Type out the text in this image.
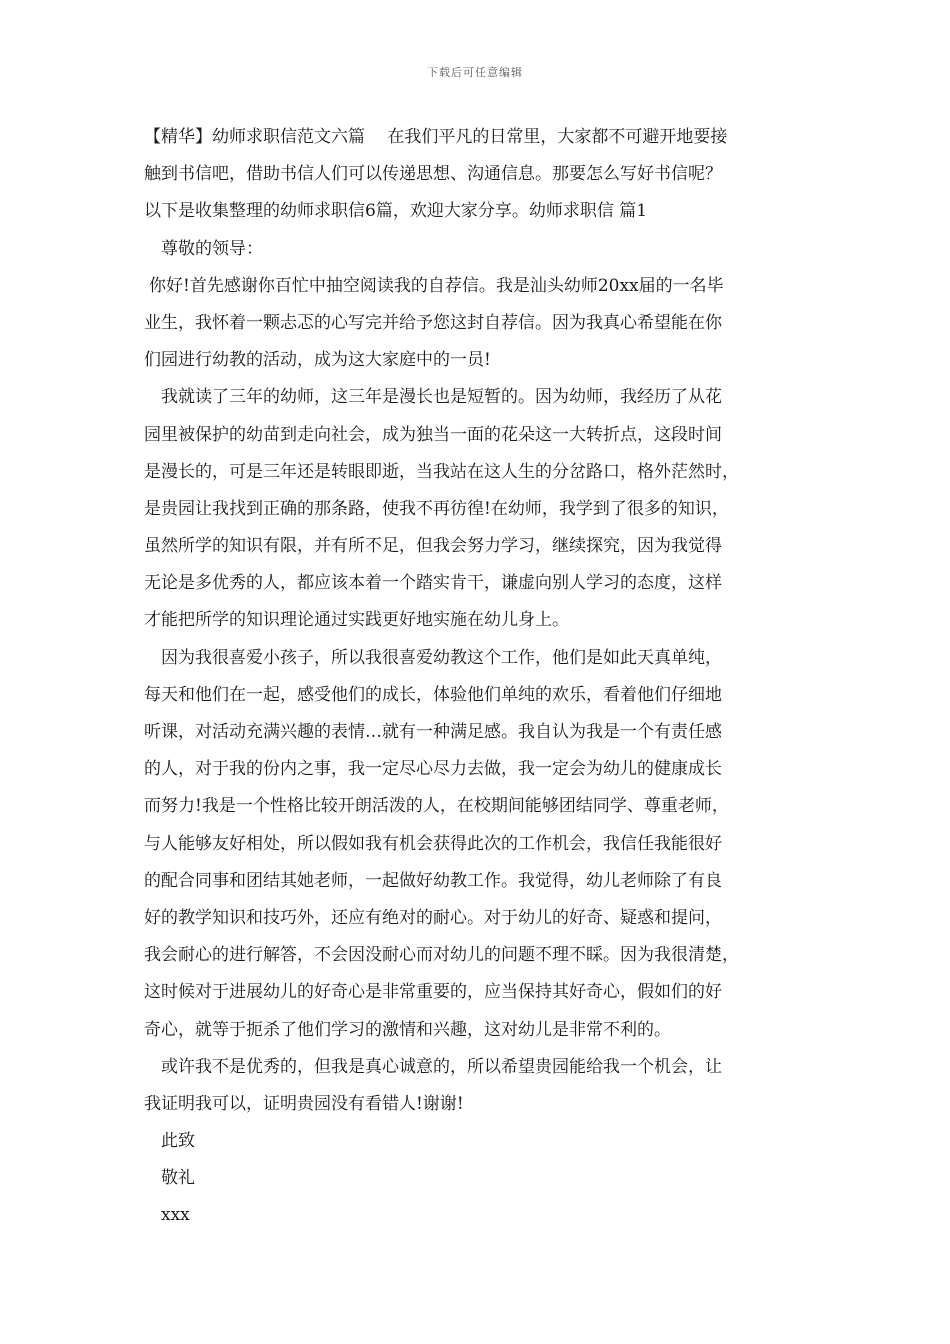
下载后可任意编辑
【精华】幼师求职信范文六篇　 在我们平凡的日常里，大家都不可避开地要接
触到书信吧，借助书信人们可以传递思想、沟通信息。那要怎么写好书信呢？
以下是收集整理的幼师求职信6篇，欢迎大家分享。幼师求职信 篇1
尊敬的领导：
你好!首先感谢你百忙中抽空阅读我的自荐信。我是汕头幼师20xx届的一名毕
业生，我怀着一颗忐忑的心写完并给予您这封自荐信。因为我真心希望能在你
们园进行幼教的活动，成为这大家庭中的一员!
我就读了三年的幼师，这三年是漫长也是短暂的。因为幼师，我经历了从花
园里被保护的幼苗到走向社会，成为独当一面的花朵这一大转折点，这段时间
是漫长的，可是三年还是转眼即逝，当我站在这人生的分岔路口，格外茫然时，
是贵园让我找到正确的那条路，使我不再彷徨!在幼师，我学到了很多的知识，
虽然所学的知识有限，并有所不足，但我会努力学习，继续探究，因为我觉得
无论是多优秀的人，都应该本着一个踏实肯干，谦虚向别人学习的态度，这样
才能把所学的知识理论通过实践更好地实施在幼儿身上。
因为我很喜爱小孩子，所以我很喜爱幼教这个工作，他们是如此天真单纯，
每天和他们在一起，感受他们的成长，体验他们单纯的欢乐，看着他们仔细地
听课，对活动充满兴趣的表情…就有一种满足感。我自认为我是一个有责任感
的人，对于我的份内之事，我一定尽心尽力去做，我一定会为幼儿的健康成长
而努力!我是一个性格比较开朗活泼的人，在校期间能够团结同学、尊重老师，
与人能够友好相处，所以假如我有机会获得此次的工作机会，我信任我能很好
的配合同事和团结其她老师，一起做好幼教工作。我觉得，幼儿老师除了有良
好的教学知识和技巧外，还应有绝对的耐心。对于幼儿的好奇、疑惑和提问，
我会耐心的进行解答，不会因没耐心而对幼儿的问题不理不睬。因为我很清楚，
这时候对于进展幼儿的好奇心是非常重要的，应当保持其好奇心，假如们的好
奇心，就等于扼杀了他们学习的激情和兴趣，这对幼儿是非常不利的。
或许我不是优秀的，但我是真心诚意的，所以希望贵园能给我一个机会，让
我证明我可以，证明贵园没有看错人!谢谢!
此致
敬礼
xxx
